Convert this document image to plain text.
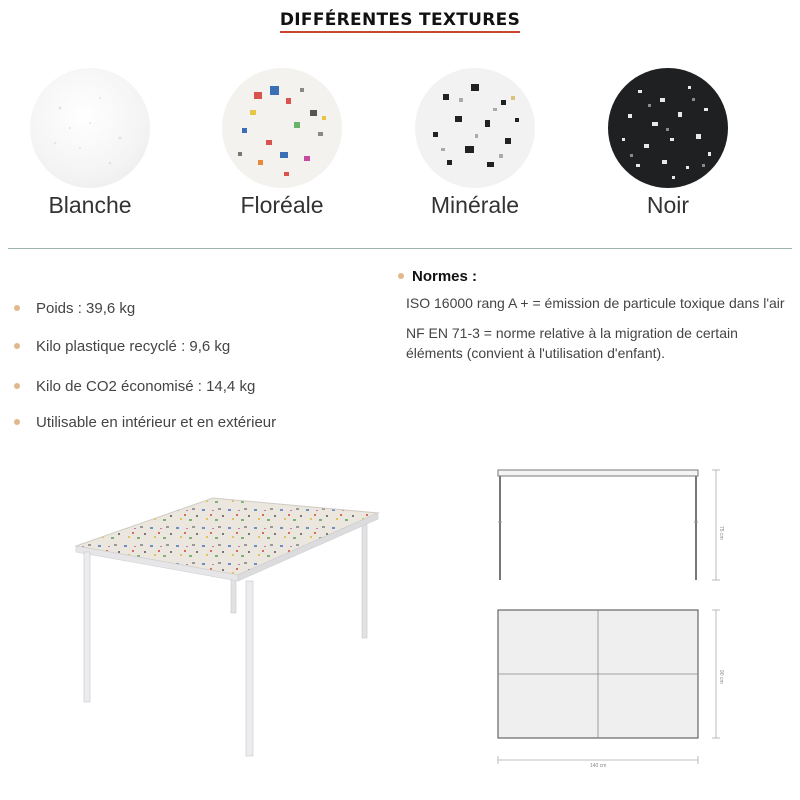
DIFFÉRENTES TEXTURES
Blanche	Floréale	Minérale	Noir
Poids : 39,6 kg
Kilo plastique recyclé : 9,6 kg
Kilo de CO2 économisé : 14,4 kg
Utilisable en intérieur et en extérieur
Normes :
ISO 16000 rang A + = émission de particule toxique dans l'air
NF EN 71-3 = norme relative à la migration de certain éléments (convient à l'utilisation d'enfant).
75 cm
90 cm
140 cm
